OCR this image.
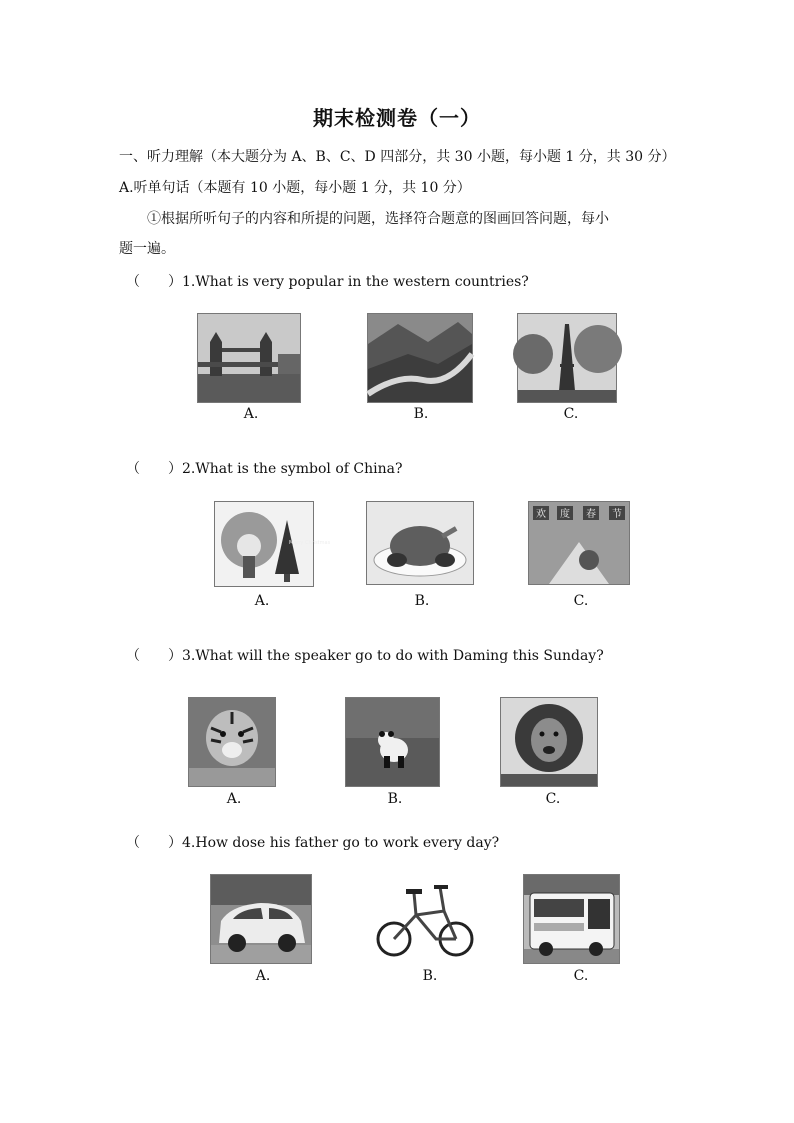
期末检测卷（一）
一、听力理解（本大题分为 A、B、C、D 四部分，共 30 小题，每小题 1 分，共 30 分）
A.听单句话（本题有 10 小题，每小题 1 分，共 10 分）
①根据所听句子的内容和所提的问题，选择符合题意的图画回答问题，每小
题一遍。
（　　）1.What is very popular in the western countries?
A.	B.	C.
（　　）2.What is the symbol of China?
Merry Christmas
欢 度 春 节
A.	B.	C.
（　　）3.What will the speaker go to do with Daming this Sunday?
A.	B.	C.
（　　）4.How dose his father go to work every day?
A.	B.	C.
